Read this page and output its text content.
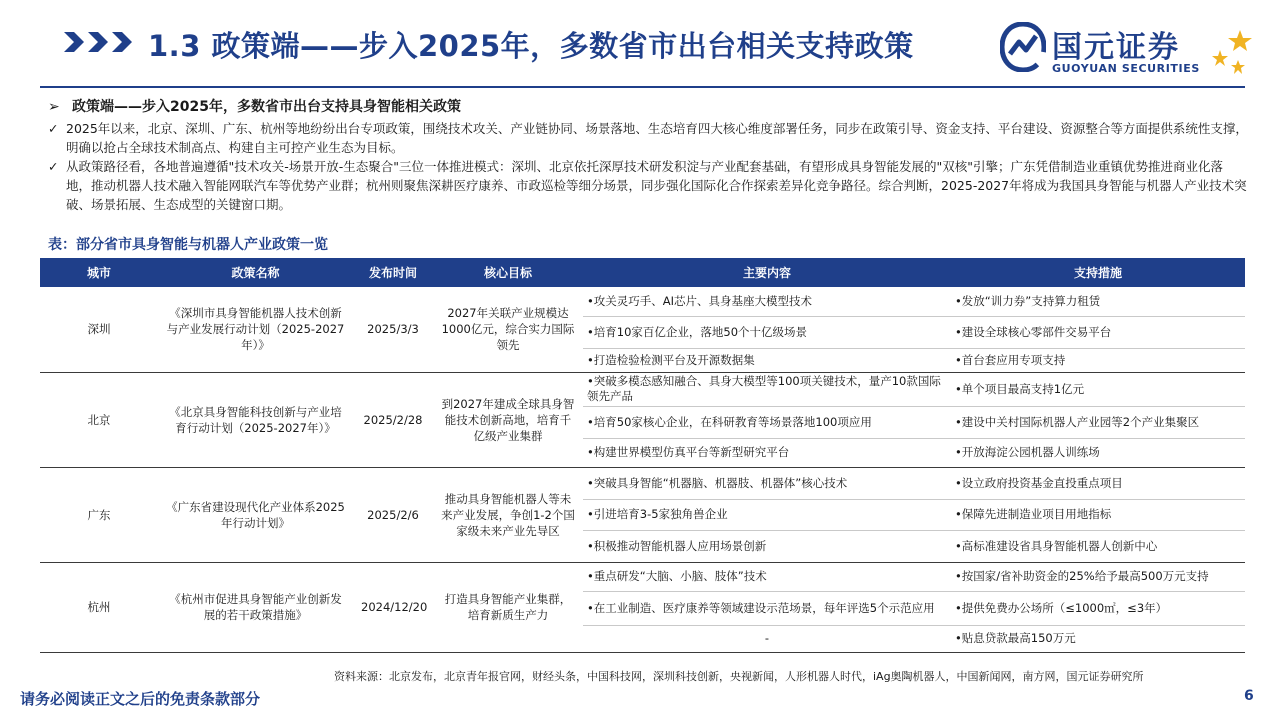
1.3 政策端——步入2025年，多数省市出台相关支持政策	国元证券
GUOYUAN SECURITIES
➢ 政策端——步入2025年，多数省市出台支持具身智能相关政策
✓ 2025年以来，北京、深圳、广东、杭州等地纷纷出台专项政策，围绕技术攻关、产业链协同、场景落地、生态培育四大核心维度部署任务，同步在政策引导、资金支持、平台建设、资源整合等方面提供系统性支撑，明确以抢占全球技术制高点、构建自主可控产业生态为目标。
✓ 从政策路径看，各地普遍遵循"技术攻关-场景开放-生态聚合"三位一体推进模式：深圳、北京依托深厚技术研发积淀与产业配套基础，有望形成具身智能发展的"双核"引擎；广东凭借制造业重镇优势推进商业化落地，推动机器人技术融入智能网联汽车等优势产业群；杭州则聚焦深耕医疗康养、市政巡检等细分场景，同步强化国际化合作探索差异化竞争路径。综合判断，2025-2027年将成为我国具身智能与机器人产业技术突破、场景拓展、生态成型的关键窗口期。
表：部分省市具身智能与机器人产业政策一览
城市	政策名称	发布时间	核心目标	主要内容	支持措施
深圳	《深圳市具身智能机器人技术创新与产业发展行动计划（2025-2027年）》	2025/3/3	2027年关联产业规模达1000亿元，综合实力国际领先	•攻关灵巧手、AI芯片、具身基座大模型技术	•发放“训力券”支持算力租赁
				•培育10家百亿企业，落地50个十亿级场景	•建设全球核心零部件交易平台
				•打造检验检测平台及开源数据集	•首台套应用专项支持
北京	《北京具身智能科技创新与产业培育行动计划（2025-2027年）》	2025/2/28	到2027年建成全球具身智能技术创新高地，培育千亿级产业集群	•突破多模态感知融合、具身大模型等100项关键技术，量产10款国际领先产品	•单个项目最高支持1亿元
				•培育50家核心企业，在科研教育等场景落地100项应用	•建设中关村国际机器人产业园等2个产业集聚区
				•构建世界模型仿真平台等新型研究平台	•开放海淀公园机器人训练场
广东	《广东省建设现代化产业体系2025年行动计划》	2025/2/6	推动具身智能机器人等未来产业发展，争创1-2个国家级未来产业先导区	•突破具身智能“机器脑、机器肢、机器体”核心技术	•设立政府投资基金直投重点项目
				•引进培育3-5家独角兽企业	•保障先进制造业项目用地指标
				•积极推动智能机器人应用场景创新	•高标准建设省具身智能机器人创新中心
杭州	《杭州市促进具身智能产业创新发展的若干政策措施》	2024/12/20	打造具身智能产业集群，培育新质生产力	•重点研发“大脑、小脑、肢体”技术	•按国家/省补助资金的25%给予最高500万元支持
				•在工业制造、医疗康养等领域建设示范场景，每年评选5个示范应用	•提供免费办公场所（≤1000㎡，≤3年）
				-	•贴息贷款最高150万元
资料来源：北京发布，北京青年报官网，财经头条，中国科技网，深圳科技创新，央视新闻，人形机器人时代，iAg奥陶机器人，中国新闻网，南方网，国元证券研究所
请务必阅读正文之后的免责条款部分	6
